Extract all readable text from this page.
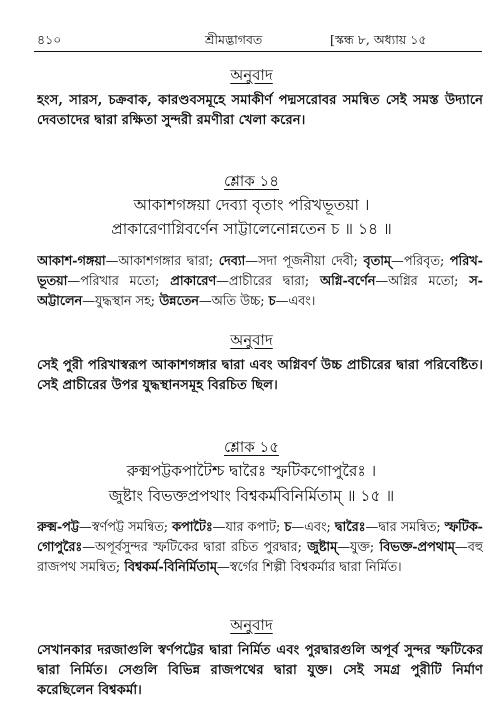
৪১০	শ্রীমদ্ভাগবত	[স্কন্ধ ৮, অধ্যায় ১৫
অনুবাদ
হংস, সারস, চক্রবাক, কারণ্ডবসমূহে সমাকীর্ণ পদ্মসরোবর সমন্বিত সেই সমস্ত উদ্যানে দেবতাদের দ্বারা রক্ষিতা সুন্দরী রমণীরা খেলা করেন।
শ্লোক ১৪
আকাশগঙ্গয়া দেব্যা বৃতাং পরিখভূতয়া ।
প্রাকারেণাগ্নিবর্ণেন সাট্টালেনোন্নতেন চ ॥ ১৪ ॥
আকাশ-গঙ্গয়া—আকাশগঙ্গার দ্বারা; দেব্যা—সদা পূজনীয়া দেবী; বৃতাম্—পরিবৃত; পরিখ-ভূতয়া—পরিখার মতো; প্রাকারেণ—প্রাচীরের দ্বারা; অগ্নি-বর্ণেন—অগ্নির মতো; স-অট্টালেন—যুদ্ধস্থান সহ; উন্নতেন—অতি উচ্চ; চ—এবং।
অনুবাদ
সেই পুরী পরিখাস্বরূপ আকাশগঙ্গার দ্বারা এবং অগ্নিবর্ণ উচ্চ প্রাচীরের দ্বারা পরিবেষ্টিত। সেই প্রাচীরের উপর যুদ্ধস্থানসমূহ বিরচিত ছিল।
শ্লোক ১৫
রুক্মপট্টকপাটৈশ্চ দ্বারৈঃ স্ফটিকগোপুরৈঃ ।
জুষ্টাং বিভক্তপ্রপথাং বিশ্বকর্মবিনির্মিতাম্ ॥ ১৫ ॥
রুক্ম-পট্ট—স্বর্ণপট্ট সমন্বিত; কপাটৈঃ—যার কপাট; চ—এবং; দ্বারৈঃ—দ্বার সমন্বিত; স্ফটিক-গোপুরৈঃ—অপূর্বসুন্দর স্ফটিকের দ্বারা রচিত পুরদ্বার; জুষ্টাম্—যুক্ত; বিভক্ত-প্রপথাম্—বহু রাজপথ সমন্বিত; বিশ্বকর্ম-বিনির্মিতাম্—স্বর্গের শিল্পী বিশ্বকর্মার দ্বারা নির্মিত।
অনুবাদ
সেখানকার দরজাগুলি স্বর্ণপট্টের দ্বারা নির্মিত এবং পুরদ্বারগুলি অপূর্ব সুন্দর স্ফটিকের দ্বারা নির্মিত। সেগুলি বিভিন্ন রাজপথের দ্বারা যুক্ত। সেই সমগ্র পুরীটি নির্মাণ করেছিলেন বিশ্বকর্মা।
